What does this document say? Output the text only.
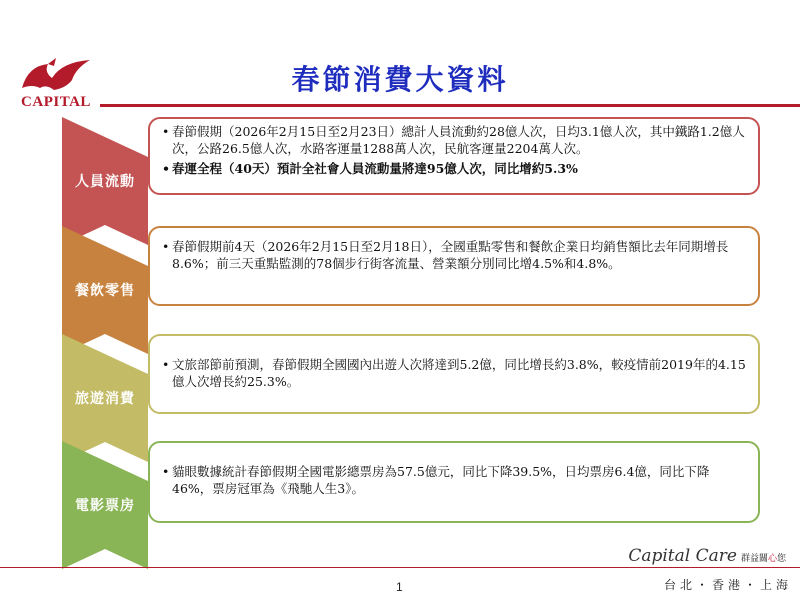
CAPITAL
春節消費大資料
人員流動
• 春節假期（2026年2月15日至2月23日）總計人員流動約28億人次，日均3.1億人次，其中鐵路1.2億人次，公路26.5億人次，水路客運量1288萬人次，民航客運量2204萬人次。
• 春運全程（40天）預計全社會人員流動量將達95億人次，同比增約5.3%
餐飲零售
• 春節假期前4天（2026年2月15日至2月18日），全國重點零售和餐飲企業日均銷售額比去年同期增長8.6%；前三天重點監測的78個步行街客流量、營業額分別同比增4.5%和4.8%。
旅遊消費
• 文旅部節前預測，春節假期全國國內出遊人次將達到5.2億，同比增長約3.8%，較疫情前2019年的4.15億人次增長約25.3%。
電影票房
• 貓眼數據統計春節假期全國電影總票房為57.5億元，同比下降39.5%，日均票房6.4億，同比下降46%，票房冠軍為《飛馳人生3》。
Capital Care 群益關心您
1	台北・香港・上海
